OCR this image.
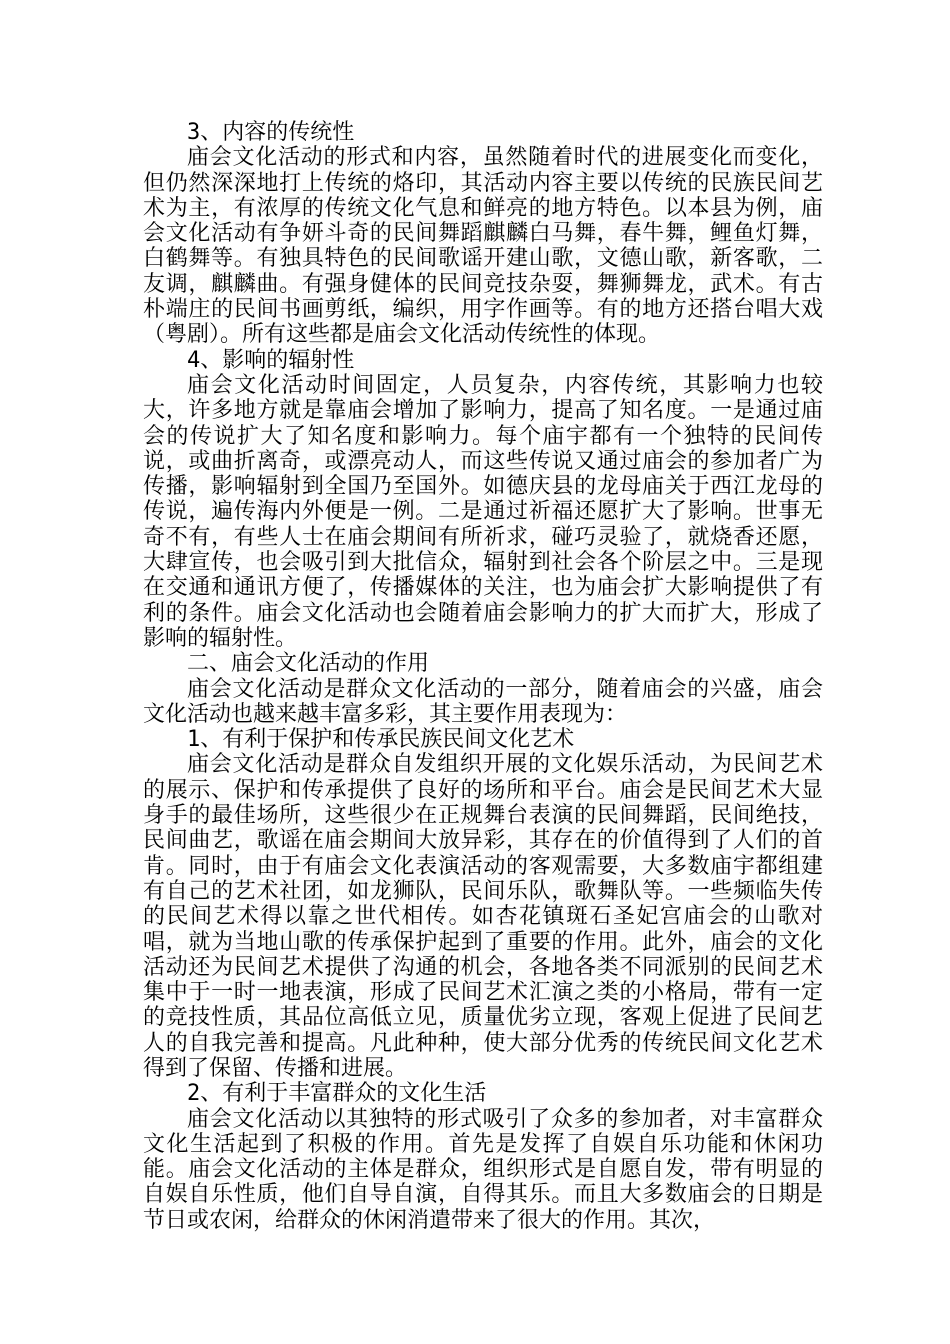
3、内容的传统性

庙会文化活动的形式和内容，虽然随着时代的进展变化而变化，但仍然深深地打上传统的烙印，其活动内容主要以传统的民族民间艺术为主，有浓厚的传统文化气息和鲜亮的地方特色。以本县为例，庙会文化活动有争妍斗奇的民间舞蹈麒麟白马舞，春牛舞，鲤鱼灯舞，白鹤舞等。有独具特色的民间歌谣开建山歌，文德山歌，新客歌，二友调，麒麟曲。有强身健体的民间竞技杂耍，舞狮舞龙，武术。有古朴端庄的民间书画剪纸，编织，用字作画等。有的地方还搭台唱大戏（粤剧）。所有这些都是庙会文化活动传统性的体现。

4、影响的辐射性

庙会文化活动时间固定，人员复杂，内容传统，其影响力也较大，许多地方就是靠庙会增加了影响力，提高了知名度。一是通过庙会的传说扩大了知名度和影响力。每个庙宇都有一个独特的民间传说，或曲折离奇，或漂亮动人，而这些传说又通过庙会的参加者广为传播，影响辐射到全国乃至国外。如德庆县的龙母庙关于西江龙母的传说，遍传海内外便是一例。二是通过祈福还愿扩大了影响。世事无奇不有，有些人士在庙会期间有所祈求，碰巧灵验了，就烧香还愿，大肆宣传，也会吸引到大批信众，辐射到社会各个阶层之中。三是现在交通和通讯方便了，传播媒体的关注，也为庙会扩大影响提供了有利的条件。庙会文化活动也会随着庙会影响力的扩大而扩大，形成了影响的辐射性。

二、庙会文化活动的作用

庙会文化活动是群众文化活动的一部分，随着庙会的兴盛，庙会文化活动也越来越丰富多彩，其主要作用表现为：

1、有利于保护和传承民族民间文化艺术

庙会文化活动是群众自发组织开展的文化娱乐活动，为民间艺术的展示、保护和传承提供了良好的场所和平台。庙会是民间艺术大显身手的最佳场所，这些很少在正规舞台表演的民间舞蹈，民间绝技，民间曲艺，歌谣在庙会期间大放异彩，其存在的价值得到了人们的首肯。同时，由于有庙会文化表演活动的客观需要，大多数庙宇都组建有自己的艺术社团，如龙狮队，民间乐队，歌舞队等。一些频临失传的民间艺术得以靠之世代相传。如杏花镇斑石圣妃宫庙会的山歌对唱，就为当地山歌的传承保护起到了重要的作用。此外，庙会的文化活动还为民间艺术提供了沟通的机会，各地各类不同派别的民间艺术集中于一时一地表演，形成了民间艺术汇演之类的小格局，带有一定的竞技性质，其品位高低立见，质量优劣立现，客观上促进了民间艺人的自我完善和提高。凡此种种，使大部分优秀的传统民间文化艺术得到了保留、传播和进展。

2、有利于丰富群众的文化生活

庙会文化活动以其独特的形式吸引了众多的参加者，对丰富群众文化生活起到了积极的作用。首先是发挥了自娱自乐功能和休闲功能。庙会文化活动的主体是群众，组织形式是自愿自发，带有明显的自娱自乐性质，他们自导自演，自得其乐。而且大多数庙会的日期是节日或农闲，给群众的休闲消遣带来了很大的作用。其次，
